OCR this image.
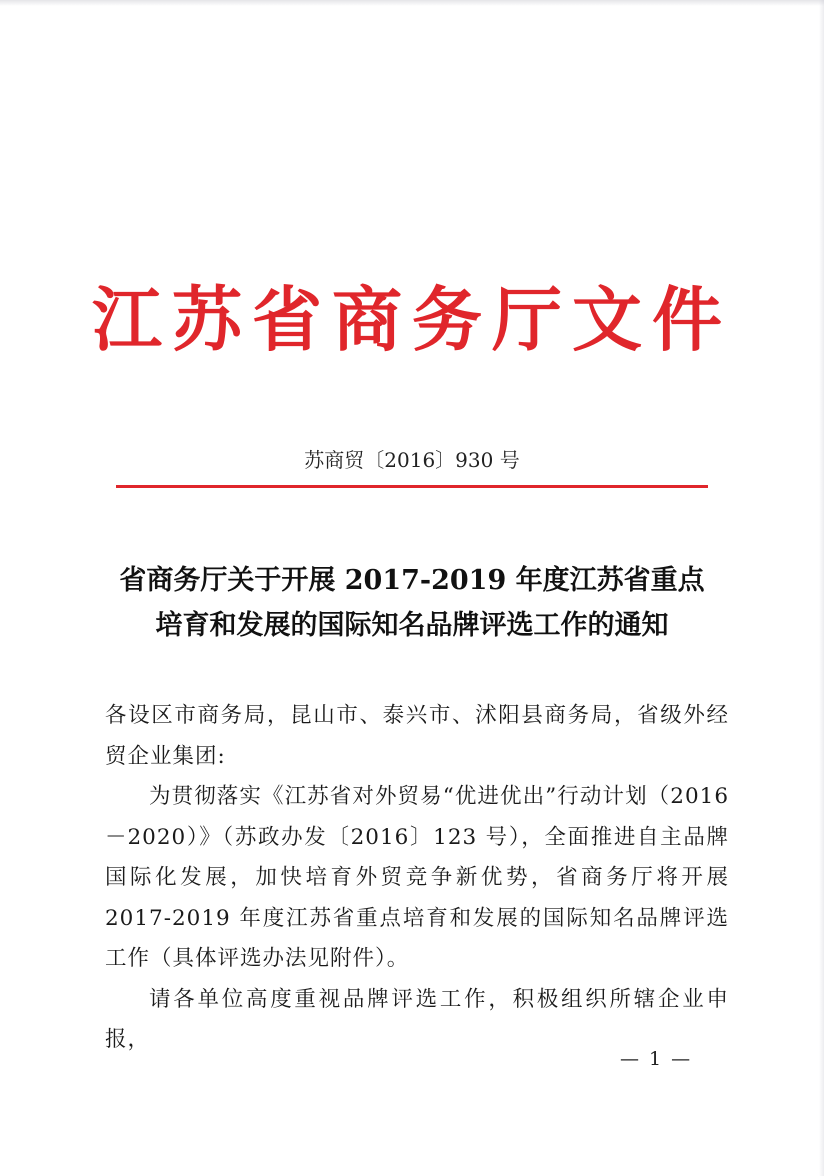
江苏省商务厅文件
苏商贸〔2016〕930 号
省商务厅关于开展 2017-2019 年度江苏省重点
培育和发展的国际知名品牌评选工作的通知

各设区市商务局，昆山市、泰兴市、沭阳县商务局，省级外经贸企业集团:

为贯彻落实《江苏省对外贸易“优进优出”行动计划（2016－2020）》（苏政办发〔2016〕123 号），全面推进自主品牌国际化发展，加快培育外贸竞争新优势，省商务厅将开展 2017-2019 年度江苏省重点培育和发展的国际知名品牌评选工作（具体评选办法见附件）。

请各单位高度重视品牌评选工作，积极组织所辖企业申报，

— 1 —
